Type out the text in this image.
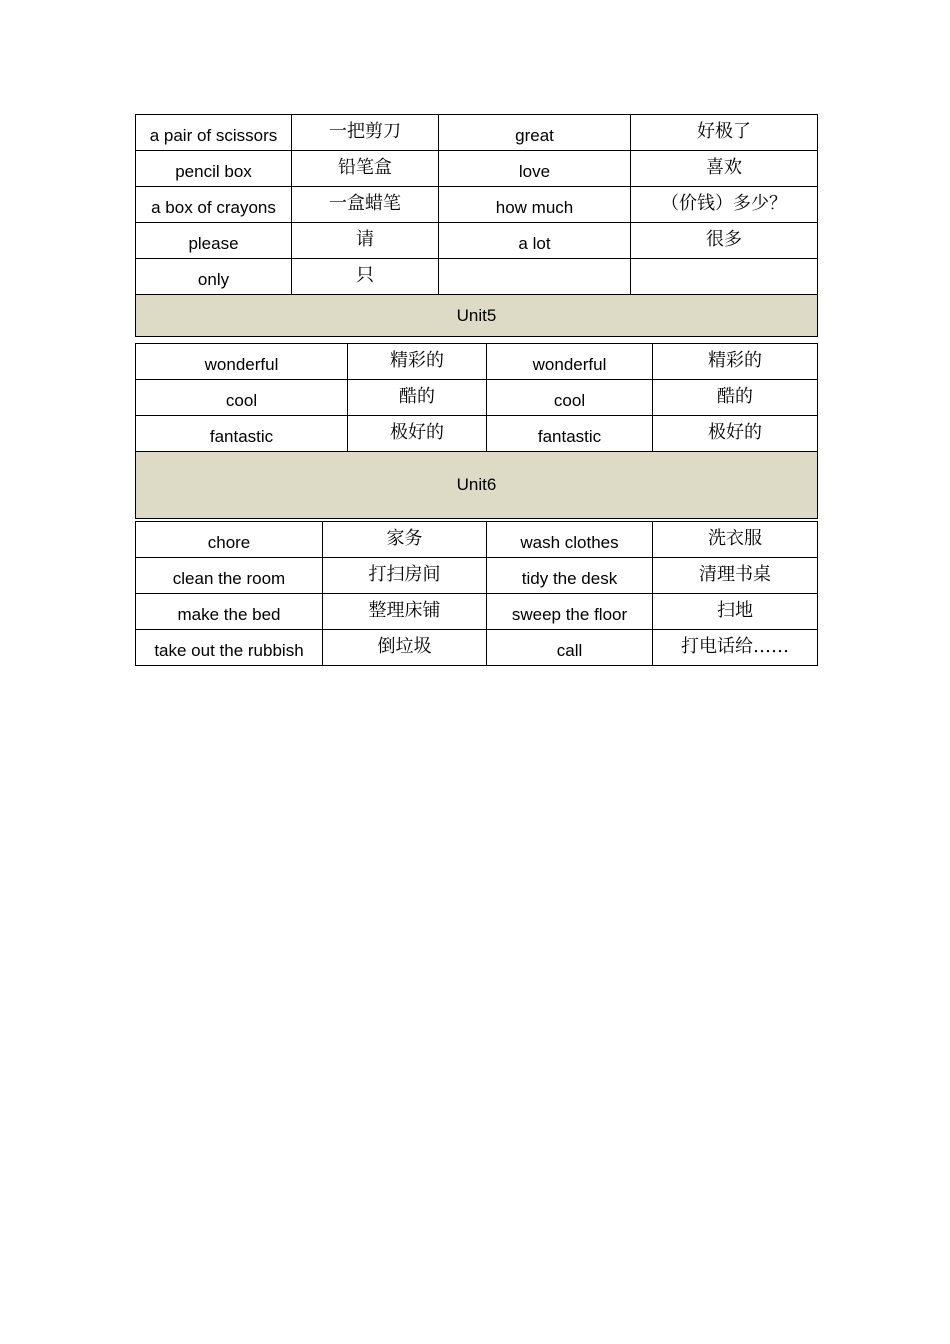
a pair of scissors	一把剪刀	great	好极了
pencil box	铅笔盒	love	喜欢
a box of crayons	一盒蜡笔	how much	（价钱）多少？
please	请	a lot	很多
only	只		
Unit5			
wonderful	精彩的	wonderful	精彩的
cool	酷的	cool	酷的
fantastic	极好的	fantastic	极好的
Unit6			
chore	家务	wash clothes	洗衣服
clean the room	打扫房间	tidy the desk	清理书桌
make the bed	整理床铺	sweep the floor	扫地
take out the rubbish	倒垃圾	call	打电话给……
